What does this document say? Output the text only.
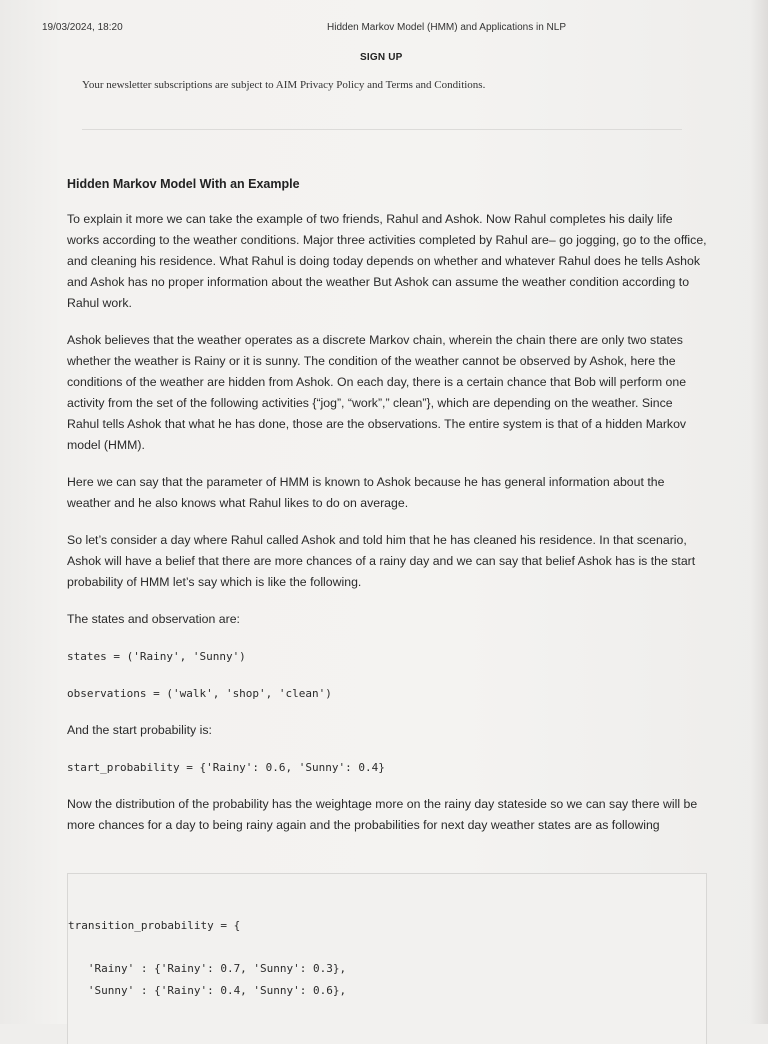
19/03/2024, 18:20	Hidden Markov Model (HMM) and Applications in NLP
SIGN UP
Your newsletter subscriptions are subject to AIM Privacy Policy and Terms and Conditions.
Hidden Markov Model With an Example

To explain it more we can take the example of two friends, Rahul and Ashok. Now Rahul completes his daily life works according to the weather conditions. Major three activities completed by Rahul are– go jogging, go to the office, and cleaning his residence. What Rahul is doing today depends on whether and whatever Rahul does he tells Ashok and Ashok has no proper information about the weather But Ashok can assume the weather condition according to Rahul work.

Ashok believes that the weather operates as a discrete Markov chain, wherein the chain there are only two states whether the weather is Rainy or it is sunny. The condition of the weather cannot be observed by Ashok, here the conditions of the weather are hidden from Ashok. On each day, there is a certain chance that Bob will perform one activity from the set of the following activities {“jog”, “work”,” clean”}, which are depending on the weather. Since Rahul tells Ashok that what he has done, those are the observations. The entire system is that of a hidden Markov model (HMM).

Here we can say that the parameter of HMM is known to Ashok because he has general information about the weather and he also knows what Rahul likes to do on average.

So let’s consider a day where Rahul called Ashok and told him that he has cleaned his residence. In that scenario, Ashok will have a belief that there are more chances of a rainy day and we can say that belief Ashok has is the start probability of HMM let’s say which is like the following.

The states and observation are:

states = ('Rainy', 'Sunny')
observations = ('walk', 'shop', 'clean')

And the start probability is:

start_probability = {'Rainy': 0.6, 'Sunny': 0.4}

Now the distribution of the probability has the weightage more on the rainy day stateside so we can say there will be more chances for a day to being rainy again and the probabilities for next day weather states are as following

transition_probability = {
'Rainy' : {'Rainy': 0.7, 'Sunny': 0.3},
'Sunny' : {'Rainy': 0.4, 'Sunny': 0.6},
